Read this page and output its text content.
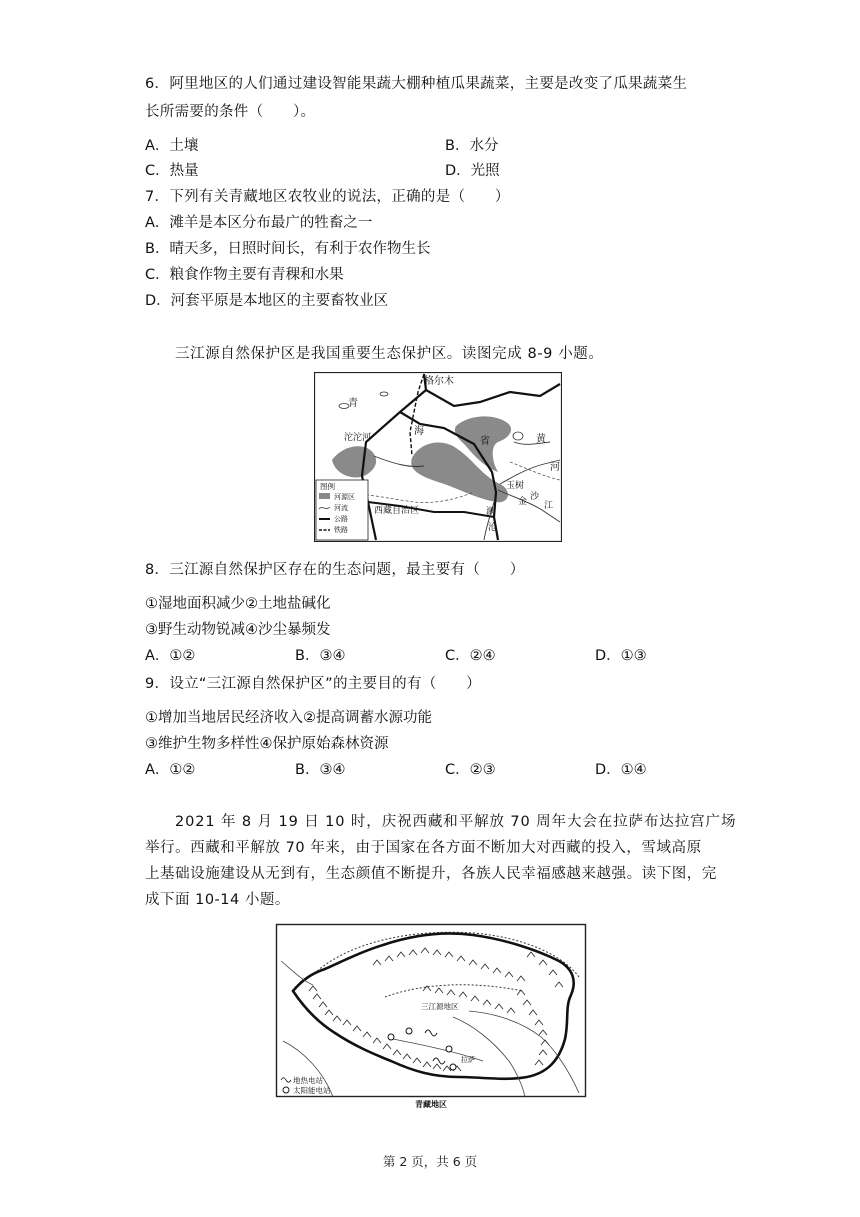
6．阿里地区的人们通过建设智能果蔬大棚种植瓜果蔬菜，主要是改变了瓜果蔬菜生
长所需要的条件（　　）。
A．土壤	B．水分
C．热量	D．光照
7．下列有关青藏地区农牧业的说法，正确的是（　　）
A．滩羊是本区分布最广的牲畜之一
B．晴天多，日照时间长，有利于农作物生长
C．粮食作物主要有青稞和水果
D．河套平原是本地区的主要畜牧业区
三江源自然保护区是我国重要生态保护区。读图完成 8-9 小题。
格尔木
青
海
省
沱沱河
玉树
金 沙
江
西藏自治区
黄
河
澜
沧
图例
河源区
河流
公路
铁路
8．三江源自然保护区存在的生态问题，最主要有（　　）
①湿地面积减少②土地盐碱化
③野生动物锐减④沙尘暴频发
A．①②	B．③④	C．②④	D．①③
9．设立“三江源自然保护区”的主要目的有（　　）
①增加当地居民经济收入②提高调蓄水源功能
③维护生物多样性④保护原始森林资源
A．①②	B．③④	C．②③	D．①④
2021 年 8 月 19 日 10 时，庆祝西藏和平解放 70 周年大会在拉萨布达拉宫广场
举行。西藏和平解放 70 年来，由于国家在各方面不断加大对西藏的投入，雪域高原
上基础设施建设从无到有，生态颜值不断提升，各族人民幸福感越来越强。读下图，完
成下面 10-14 小题。
三江源地区
拉萨
地热电站
太阳能电站
青藏地区
第 2 页，共 6 页
